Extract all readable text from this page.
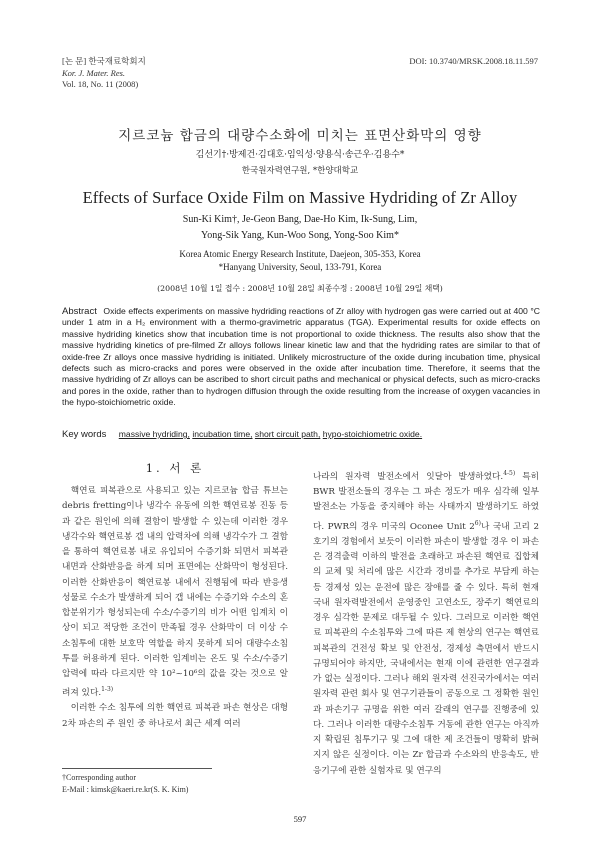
[논 문] 한국재료학회지
Kor. J. Mater. Res.
Vol. 18, No. 11 (2008)
DOI: 10.3740/MRSK.2008.18.11.597
지르코늄 합금의 대량수소화에 미치는 표면산화막의 영향
김선기†·방제건·김대호·임익성·양용식·송근우·김용수*
한국원자력연구원, *한양대학교
Effects of Surface Oxide Film on Massive Hydriding of Zr Alloy
Sun-Ki Kim†, Je-Geon Bang, Dae-Ho Kim, Ik-Sung, Lim,
Yong-Sik Yang, Kun-Woo Song, Yong-Soo Kim*
Korea Atomic Energy Research Institute, Daejeon, 305-353, Korea
*Hanyang University, Seoul, 133-791, Korea
(2008년 10월 1일 접수 : 2008년 10월 28일 최종수정 : 2008년 10월 29일 채택)
Abstract Oxide effects experiments on massive hydriding reactions of Zr alloy with hydrogen gas were carried out at 400 °C under 1 atm in a H₂ environment with a thermo-gravimetric apparatus (TGA). Experimental results for oxide effects on massive hydriding kinetics show that incubation time is not proportional to oxide thickness. The results also show that the massive hydriding kinetics of pre-filmed Zr alloys follows linear kinetic law and that the hydriding rates are similar to that of oxide-free Zr alloys once massive hydriding is initiated. Unlikely microstructure of the oxide during incubation time, physical defects such as micro-cracks and pores were observed in the oxide after incubation time. Therefore, it seems that the massive hydriding of Zr alloys can be ascribed to short circuit paths and mechanical or physical defects, such as micro-cracks and pores in the oxide, rather than to hydrogen diffusion through the oxide resulting from the increase of oxygen vacancies in the hypo-stoichiometric oxide.
Key words massive hydriding, incubation time, short circuit path, hypo-stoichiometric oxide.
1. 서 론

핵연료 피복관으로 사용되고 있는 지르코늄 합금 튜브는 debris fretting이나 냉각수 유동에 의한 핵연료봉 진동 등과 같은 원인에 의해 결함이 발생할 수 있는데 이러한 경우 냉각수와 핵연료봉 갭 내의 압력차에 의해 냉각수가 그 결함을 통하여 핵연료봉 내로 유입되어 수증기화 되면서 피복관 내면과 산화반응을 하게 되며 표면에는 산화막이 형성된다. 이러한 산화반응이 핵연료봉 내에서 진행됨에 따라 반응생성물로 수소가 발생하게 되어 갭 내에는 수증기와 수소의 혼합분위기가 형성되는데 수소/수증기의 비가 어떤 임계치 이상이 되고 적당한 조건이 만족될 경우 산화막이 더 이상 수소침투에 대한 보호막 역할을 하지 못하게 되어 대량수소침투를 허용하게 된다. 이러한 임계비는 온도 및 수소/수증기 압력에 따라 다르지만 약 10²~10⁶의 값을 갖는 것으로 알려져 있다.$^{1-3)}$

이러한 수소 침투에 의한 핵연료 피복관 파손 현상은 대형 2차 파손의 주 원인 중 하나로서 최근 세계 여러

나라의 원자력 발전소에서 잇달아 발생하였다.$^{4-5)}$ 특히 BWR 발전소들의 경우는 그 파손 정도가 매우 심각해 일부 발전소는 가동을 중지해야 하는 사태까지 발생하기도 하였다. PWR의 경우 미국의 Oconee Unit 2$^{6)}$나 국내 고리 2호기의 경험에서 보듯이 이러한 파손이 발생할 경우 이 파손은 경격출력 이하의 발전을 초래하고 파손된 핵연료 집합체의 교체 및 처리에 많은 시간과 경비를 추가로 부담케 하는 등 경제성 있는 운전에 많은 장애를 줄 수 있다. 특히 현재 국내 원자력발전에서 운영중인 고연소도, 장주기 핵연료의 경우 심각한 문제로 대두될 수 있다. 그러므로 이러한 핵연료 피복관의 수소침투와 그에 따른 제 현상의 연구는 핵연료 피복관의 건전성 확보 및 안전성, 경제성 측면에서 반드시 규명되어야 하지만, 국내에서는 현재 이에 관련한 연구결과가 없는 실정이다. 그러나 해외 원자력 선진국가에서는 여러 원자력 관련 회사 및 연구기관들이 공동으로 그 정확한 원인과 파손기구 규명을 위한 여러 갈래의 연구를 진행중에 있다. 그러나 이러한 대량수소침투 거동에 관한 연구는 아직까지 확립된 침투기구 및 그에 대한 제 조건들이 명확히 밝혀지지 않은 실정이다. 이는 Zr 합금과 수소와의 반응속도, 반응기구에 관한 실험자료 및 연구의

†Corresponding author
E-Mail : kimsk@kaeri.re.kr(S. K. Kim)
597
